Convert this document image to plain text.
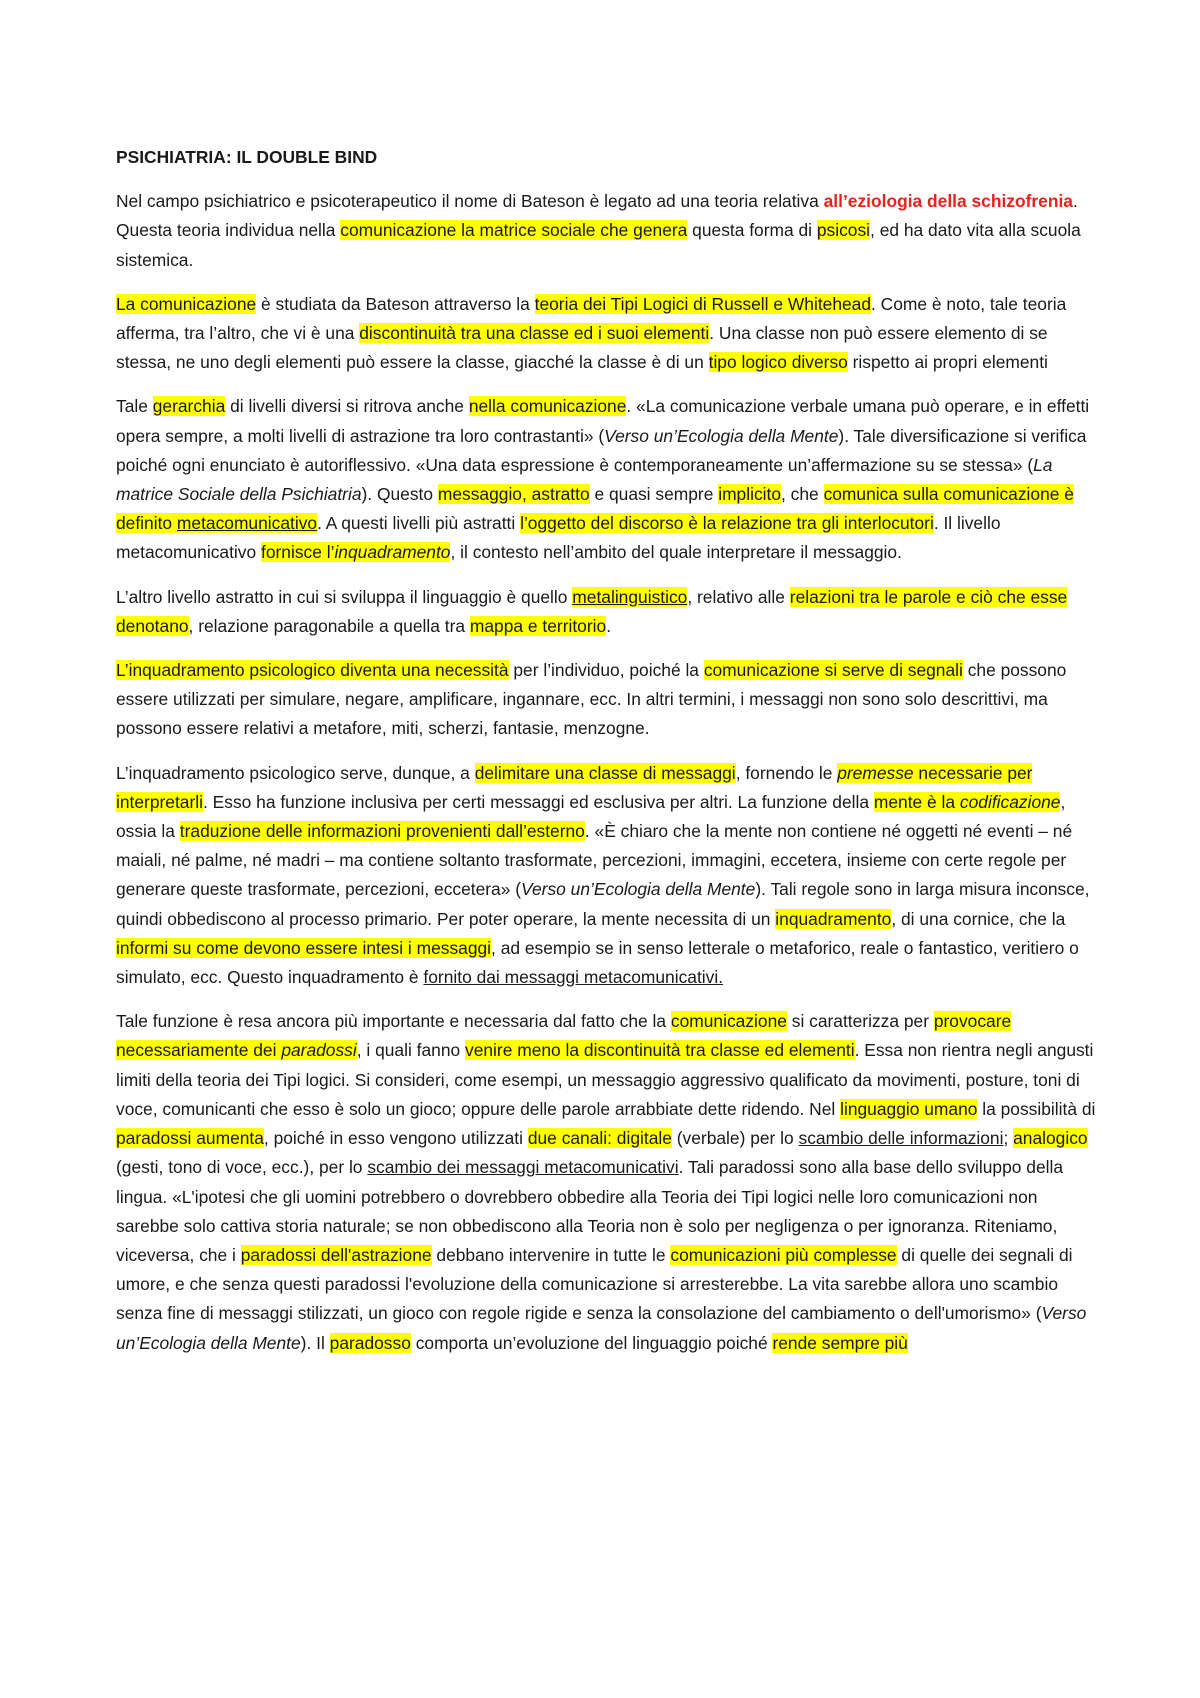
PSICHIATRIA: IL DOUBLE BIND

Nel campo psichiatrico e psicoterapeutico il nome di Bateson è legato ad una teoria relativa all’eziologia della schizofrenia. Questa teoria individua nella comunicazione la matrice sociale che genera questa forma di psicosi, ed ha dato vita alla scuola sistemica.

La comunicazione è studiata da Bateson attraverso la teoria dei Tipi Logici di Russell e Whitehead. Come è noto, tale teoria afferma, tra l’altro, che vi è una discontinuità tra una classe ed i suoi elementi. Una classe non può essere elemento di se stessa, ne uno degli elementi può essere la classe, giacché la classe è di un tipo logico diverso rispetto ai propri elementi

Tale gerarchia di livelli diversi si ritrova anche nella comunicazione. «La comunicazione verbale umana può operare, e in effetti opera sempre, a molti livelli di astrazione tra loro contrastanti» (Verso un’Ecologia della Mente). Tale diversificazione si verifica poiché ogni enunciato è autoriflessivo. «Una data espressione è contemporaneamente un’affermazione su se stessa» (La matrice Sociale della Psichiatria). Questo messaggio, astratto e quasi sempre implicito, che comunica sulla comunicazione è definito metacomunicativo. A questi livelli più astratti l’oggetto del discorso è la relazione tra gli interlocutori. Il livello metacomunicativo fornisce l’inquadramento, il contesto nell’ambito del quale interpretare il messaggio.

L’altro livello astratto in cui si sviluppa il linguaggio è quello metalinguistico, relativo alle relazioni tra le parole e ciò che esse denotano, relazione paragonabile a quella tra mappa e territorio.

L’inquadramento psicologico diventa una necessità per l’individuo, poiché la comunicazione si serve di segnali che possono essere utilizzati per simulare, negare, amplificare, ingannare, ecc. In altri termini, i messaggi non sono solo descrittivi, ma possono essere relativi a metafore, miti, scherzi, fantasie, menzogne.

L’inquadramento psicologico serve, dunque, a delimitare una classe di messaggi, fornendo le premesse necessarie per interpretarli. Esso ha funzione inclusiva per certi messaggi ed esclusiva per altri. La funzione della mente è la codificazione, ossia la traduzione delle informazioni provenienti dall’esterno. «È chiaro che la mente non contiene né oggetti né eventi – né maiali, né palme, né madri – ma contiene soltanto trasformate, percezioni, immagini, eccetera, insieme con certe regole per generare queste trasformate, percezioni, eccetera» (Verso un’Ecologia della Mente). Tali regole sono in larga misura inconsce, quindi obbediscono al processo primario. Per poter operare, la mente necessita di un inquadramento, di una cornice, che la informi su come devono essere intesi i messaggi, ad esempio se in senso letterale o metaforico, reale o fantastico, veritiero o simulato, ecc. Questo inquadramento è fornito dai messaggi metacomunicativi.

Tale funzione è resa ancora più importante e necessaria dal fatto che la comunicazione si caratterizza per provocare necessariamente dei paradossi, i quali fanno venire meno la discontinuità tra classe ed elementi. Essa non rientra negli angusti limiti della teoria dei Tipi logici. Si consideri, come esempi, un messaggio aggressivo qualificato da movimenti, posture, toni di voce, comunicanti che esso è solo un gioco; oppure delle parole arrabbiate dette ridendo. Nel linguaggio umano la possibilità di paradossi aumenta, poiché in esso vengono utilizzati due canali: digitale (verbale) per lo scambio delle informazioni; analogico (gesti, tono di voce, ecc.), per lo scambio dei messaggi metacomunicativi. Tali paradossi sono alla base dello sviluppo della lingua. «L'ipotesi che gli uomini potrebbero o dovrebbero obbedire alla Teoria dei Tipi logici nelle loro comunicazioni non sarebbe solo cattiva storia naturale; se non obbediscono alla Teoria non è solo per negligenza o per ignoranza. Riteniamo, viceversa, che i paradossi dell'astrazione debbano intervenire in tutte le comunicazioni più complesse di quelle dei segnali di umore, e che senza questi paradossi l'evoluzione della comunicazione si arresterebbe. La vita sarebbe allora uno scambio senza fine di messaggi stilizzati, un gioco con regole rigide e senza la consolazione del cambiamento o dell'umorismo» (Verso un’Ecologia della Mente). Il paradosso comporta un’evoluzione del linguaggio poiché rende sempre più
